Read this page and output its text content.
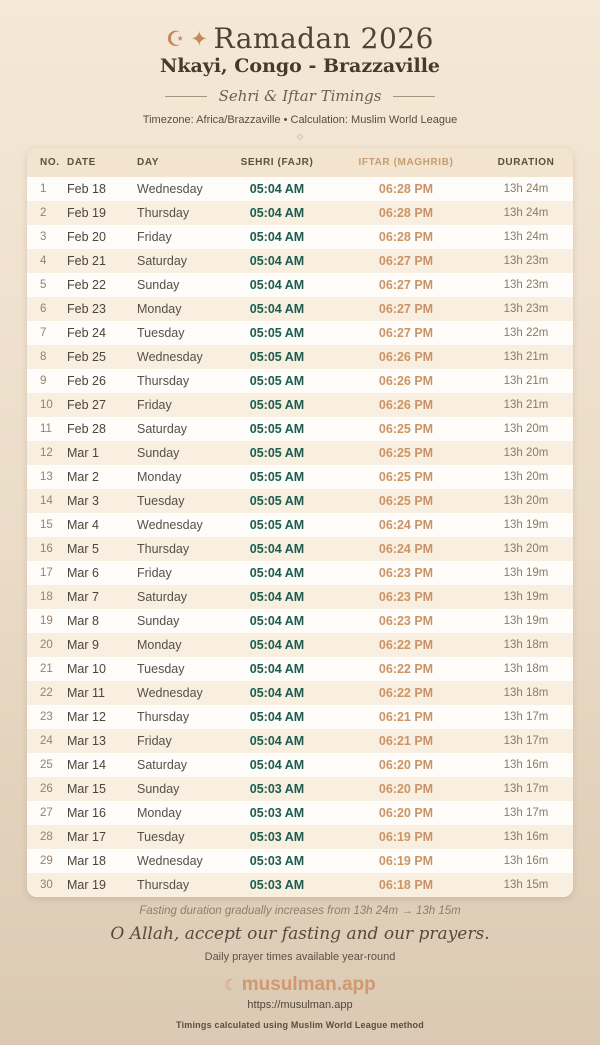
☪ ✦ Ramadan 2026
Nkayi, Congo - Brazzaville
Sehri & Iftar Timings
Timezone: Africa/Brazzaville • Calculation: Muslim World League
◇
NO.	DATE	DAY	SEHRI (FAJR)	IFTAR (MAGHRIB)	DURATION
1	Feb 18	Wednesday	05:04 AM	06:28 PM	13h 24m
2	Feb 19	Thursday	05:04 AM	06:28 PM	13h 24m
3	Feb 20	Friday	05:04 AM	06:28 PM	13h 24m
4	Feb 21	Saturday	05:04 AM	06:27 PM	13h 23m
5	Feb 22	Sunday	05:04 AM	06:27 PM	13h 23m
6	Feb 23	Monday	05:04 AM	06:27 PM	13h 23m
7	Feb 24	Tuesday	05:05 AM	06:27 PM	13h 22m
8	Feb 25	Wednesday	05:05 AM	06:26 PM	13h 21m
9	Feb 26	Thursday	05:05 AM	06:26 PM	13h 21m
10	Feb 27	Friday	05:05 AM	06:26 PM	13h 21m
11	Feb 28	Saturday	05:05 AM	06:25 PM	13h 20m
12	Mar 1	Sunday	05:05 AM	06:25 PM	13h 20m
13	Mar 2	Monday	05:05 AM	06:25 PM	13h 20m
14	Mar 3	Tuesday	05:05 AM	06:25 PM	13h 20m
15	Mar 4	Wednesday	05:05 AM	06:24 PM	13h 19m
16	Mar 5	Thursday	05:04 AM	06:24 PM	13h 20m
17	Mar 6	Friday	05:04 AM	06:23 PM	13h 19m
18	Mar 7	Saturday	05:04 AM	06:23 PM	13h 19m
19	Mar 8	Sunday	05:04 AM	06:23 PM	13h 19m
20	Mar 9	Monday	05:04 AM	06:22 PM	13h 18m
21	Mar 10	Tuesday	05:04 AM	06:22 PM	13h 18m
22	Mar 11	Wednesday	05:04 AM	06:22 PM	13h 18m
23	Mar 12	Thursday	05:04 AM	06:21 PM	13h 17m
24	Mar 13	Friday	05:04 AM	06:21 PM	13h 17m
25	Mar 14	Saturday	05:04 AM	06:20 PM	13h 16m
26	Mar 15	Sunday	05:03 AM	06:20 PM	13h 17m
27	Mar 16	Monday	05:03 AM	06:20 PM	13h 17m
28	Mar 17	Tuesday	05:03 AM	06:19 PM	13h 16m
29	Mar 18	Wednesday	05:03 AM	06:19 PM	13h 16m
30	Mar 19	Thursday	05:03 AM	06:18 PM	13h 15m
Fasting duration gradually increases from 13h 24m → 13h 15m
O Allah, accept our fasting and our prayers.
Daily prayer times available year-round
☾ musulman.app
https://musulman.app
Timings calculated using Muslim World League method
